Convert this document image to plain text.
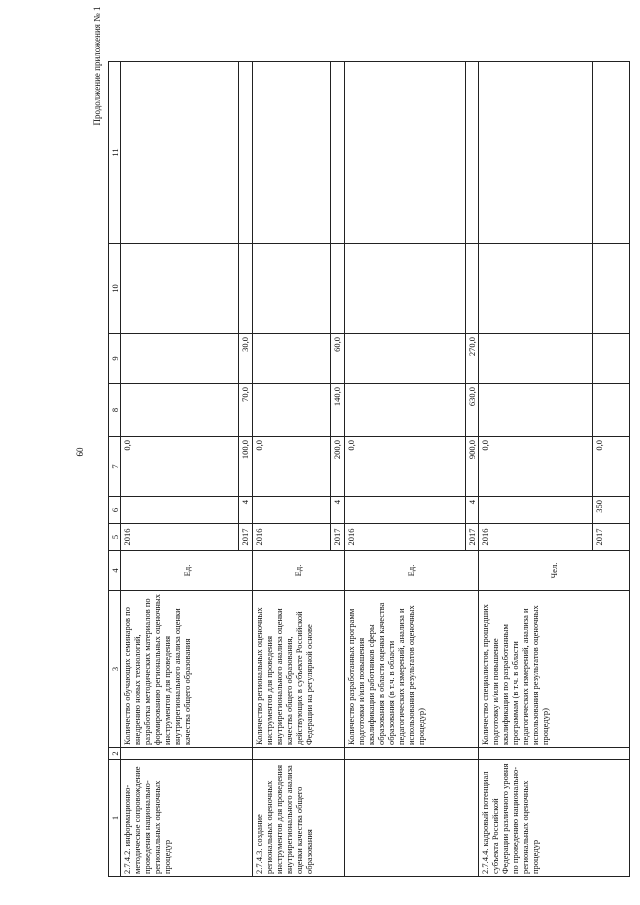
60
Продолжение приложения № 1
1	2	3	4	5	6	7	8	9	10	11
2.7.4.2. информационно-методическое сопровождение проведения национально-региональных оценочных процедур		Количество обучающих семинаров по внедрению новых технологий, разработка методических материалов по формированию региональных оценочных инструментов для проведения внутрирегионального анализа оценки качества общего образования	Ед.	2016		0,0				
				2017	4	100,0	70,0	30,0		
2.7.4.3. создание региональных оценочных инструментов для проведения внутрирегионального анализа оценки качества общего образования		Количество региональных оценочных инструментов для проведения внутрирегионального анализа оценки качества общего образования, действующих в субъекте Российской Федерации на регулярной основе	Ед.	2016		0,0				
				2017	4	200,0	140,0	60,0		
		Количество разработанных программ подготовки и/или повышения квалификации работников сферы образования в области оценки качества образования (в т.ч. в области педагогических измерений, анализа и использования результатов оценочных процедур)	Ед.	2016		0,0				
				2017	4	900,0	630,0	270,0		
2.7.4.4. кадровый потенциал субъекта Российской Федерации различного уровня по проведению национально-региональных оценочных процедур		Количество специалистов, прошедших подготовку и/или повышение квалификации по разработанным программам (в т.ч. в области педагогических измерений, анализа и использования результатов оценочных процедур)	Чел.	2016		0,0				
				2017	350	0,0				
